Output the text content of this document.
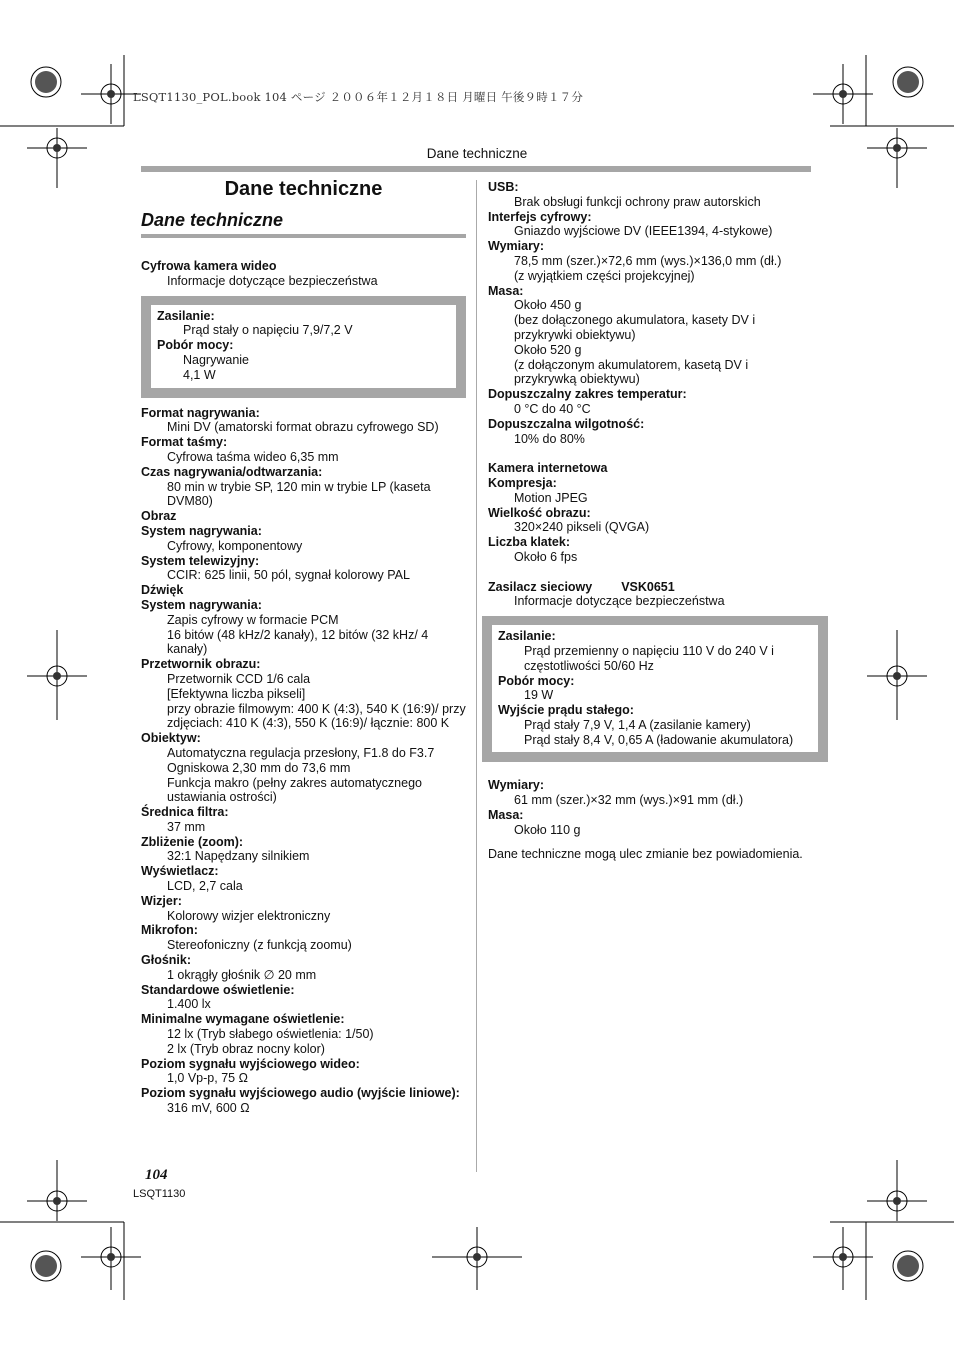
LSQT1130_POL.book 104 ページ ２００６年１２月１８日 月曜日 午後９時１７分
Dane techniczne
Dane techniczne
Dane techniczne
Cyfrowa kamera wideo
Informacje dotyczące bezpieczeństwa
Zasilanie:
Prąd stały o napięciu 7,9/7,2 V
Pobór mocy:
Nagrywanie
4,1 W
Format nagrywania:
Mini DV (amatorski format obrazu cyfrowego SD)
Format taśmy:
Cyfrowa taśma wideo 6,35 mm
Czas nagrywania/odtwarzania:
80 min w trybie SP, 120 min w trybie LP (kaseta DVM80)
Obraz
System nagrywania:
Cyfrowy, komponentowy
System telewizyjny:
CCIR: 625 linii, 50 pól, sygnał kolorowy PAL
Dźwięk
System nagrywania:
Zapis cyfrowy w formacie PCM
16 bitów (48 kHz/2 kanały), 12 bitów (32 kHz/ 4 kanały)
Przetwornik obrazu:
Przetwornik CCD 1/6 cala
[Efektywna liczba pikseli]
przy obrazie filmowym: 400 K (4:3), 540 K (16:9)/ przy zdjęciach: 410 K (4:3), 550 K (16:9)/ łącznie: 800 K
Obiektyw:
Automatyczna regulacja przesłony, F1.8 do F3.7
Ogniskowa 2,30 mm do 73,6 mm
Funkcja makro (pełny zakres automatycznego ustawiania ostrości)
Średnica filtra:
37 mm
Zbliżenie (zoom):
32:1 Napędzany silnikiem
Wyświetlacz:
LCD, 2,7 cala
Wizjer:
Kolorowy wizjer elektroniczny
Mikrofon:
Stereofoniczny (z funkcją zoomu)
Głośnik:
1 okrągły głośnik ∅ 20 mm
Standardowe oświetlenie:
1.400 lx
Minimalne wymagane oświetlenie:
12 lx (Tryb słabego oświetlenia: 1/50)
2 lx (Tryb obraz nocny kolor)
Poziom sygnału wyjściowego wideo:
1,0 Vp-p, 75 Ω
Poziom sygnału wyjściowego audio (wyjście liniowe):
316 mV, 600 Ω
USB:
Brak obsługi funkcji ochrony praw autorskich
Interfejs cyfrowy:
Gniazdo wyjściowe DV (IEEE1394, 4-stykowe)
Wymiary:
78,5 mm (szer.)×72,6 mm (wys.)×136,0 mm (dł.)
(z wyjątkiem części projekcyjnej)
Masa:
Około 450 g
(bez dołączonego akumulatora, kasety DV i przykrywki obiektywu)
Około 520 g
(z dołączonym akumulatorem, kasetą DV i przykrywką obiektywu)
Dopuszczalny zakres temperatur:
0 °C do 40 °C
Dopuszczalna wilgotność:
10% do 80%
Kamera internetowa
Kompresja:
Motion JPEG
Wielkość obrazu:
320×240 pikseli (QVGA)
Liczba klatek:
Około 6 fps
Zasilacz sieciowy VSK0651
Informacje dotyczące bezpieczeństwa
Zasilanie:
Prąd przemienny o napięciu 110 V do 240 V i częstotliwości 50/60 Hz
Pobór mocy:
19 W
Wyjście prądu stałego:
Prąd stały 7,9 V, 1,4 A (zasilanie kamery)
Prąd stały 8,4 V, 0,65 A (ładowanie akumulatora)
Wymiary:
61 mm (szer.)×32 mm (wys.)×91 mm (dł.)
Masa:
Około 110 g
Dane techniczne mogą ulec zmianie bez powiadomienia.
104
LSQT1130
